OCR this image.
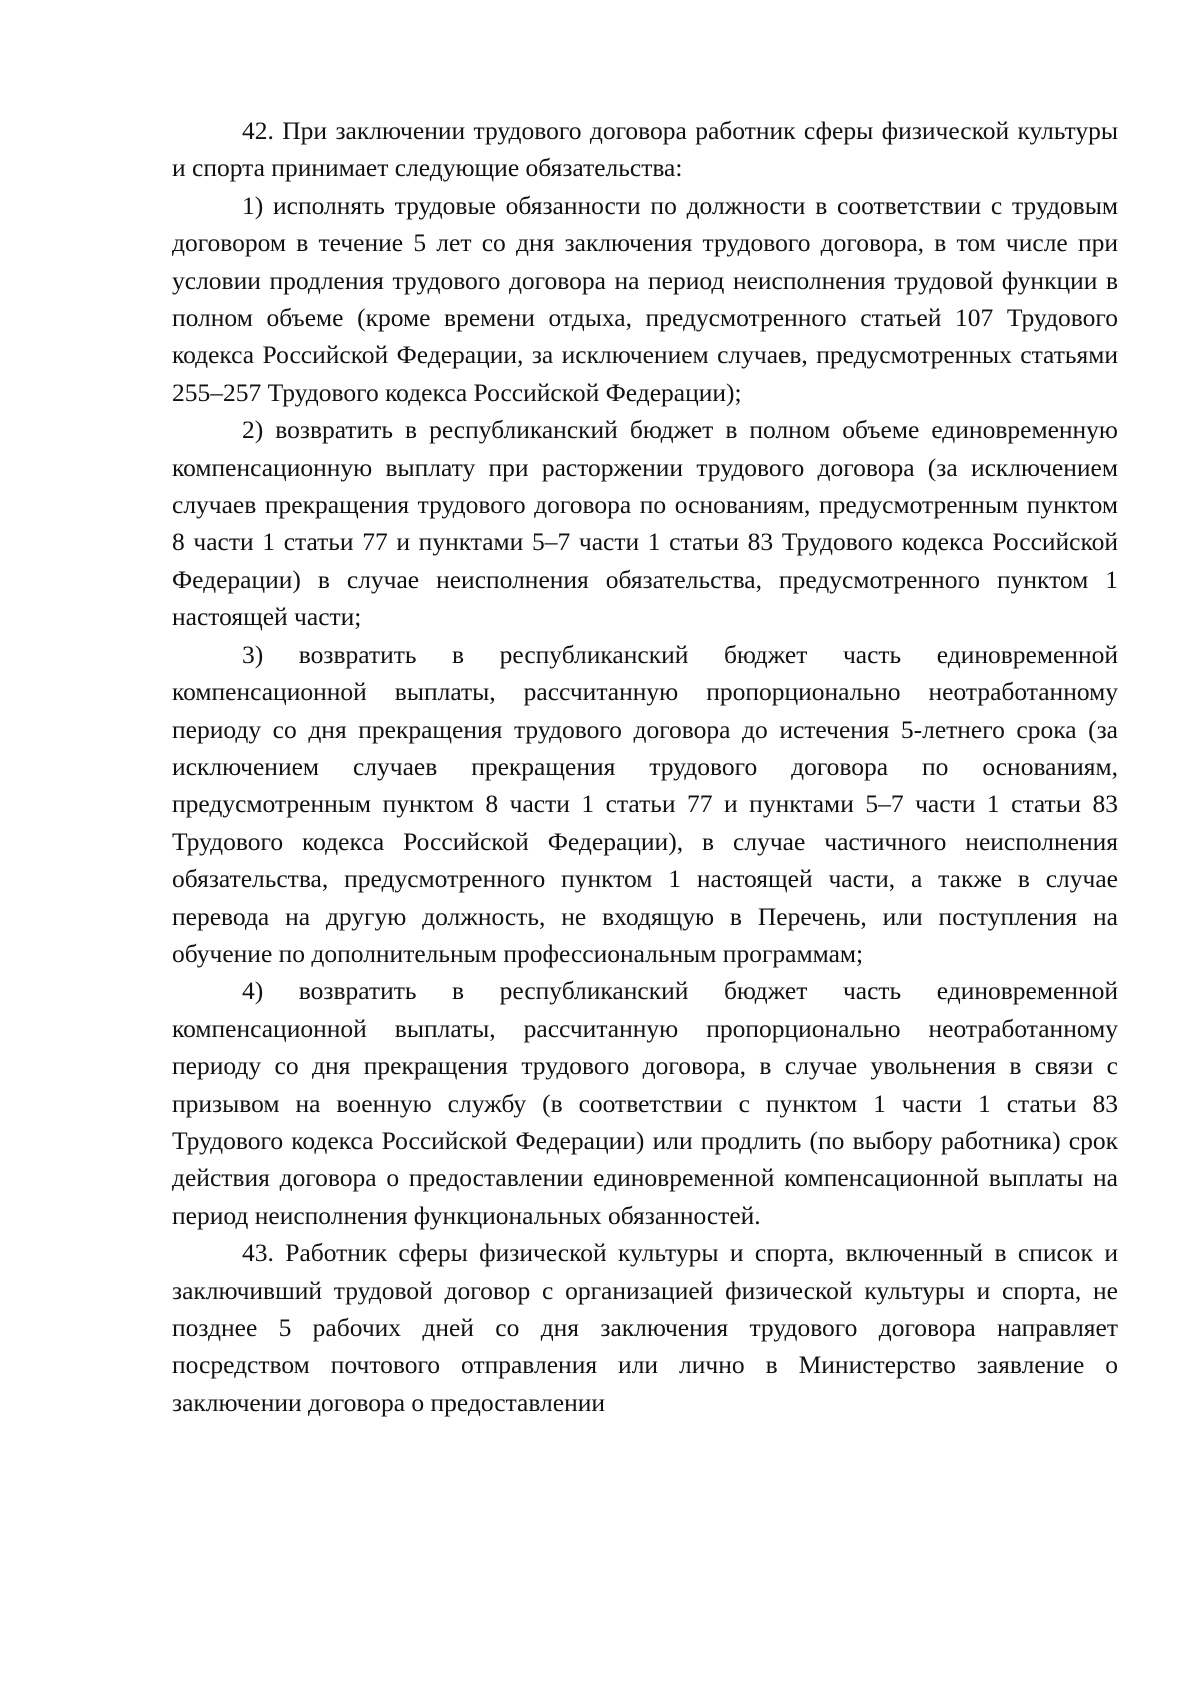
42. При заключении трудового договора работник сферы физической культуры и спорта принимает следующие обязательства:

1) исполнять трудовые обязанности по должности в соответствии с трудовым договором в течение 5 лет со дня заключения трудового договора, в том числе при условии продления трудового договора на период неисполнения трудовой функции в полном объеме (кроме времени отдыха, предусмотренного статьей 107 Трудового кодекса Российской Федерации, за исключением случаев, предусмотренных статьями 255–257 Трудового кодекса Российской Федерации);

2) возвратить в республиканский бюджет в полном объеме единовременную компенсационную выплату при расторжении трудового договора (за исключением случаев прекращения трудового договора по основаниям, предусмотренным пунктом 8 части 1 статьи 77 и пунктами 5–7 части 1 статьи 83 Трудового кодекса Российской Федерации) в случае неисполнения обязательства, предусмотренного пунктом 1 настоящей части;

3) возвратить в республиканский бюджет часть единовременной компенсационной выплаты, рассчитанную пропорционально неотработанному периоду со дня прекращения трудового договора до истечения 5-летнего срока (за исключением случаев прекращения трудового договора по основаниям, предусмотренным пунктом 8 части 1 статьи 77 и пунктами 5–7 части 1 статьи 83 Трудового кодекса Российской Федерации), в случае частичного неисполнения обязательства, предусмотренного пунктом 1 настоящей части, а также в случае перевода на другую должность, не входящую в Перечень, или поступления на обучение по дополнительным профессиональным программам;

4) возвратить в республиканский бюджет часть единовременной компенсационной выплаты, рассчитанную пропорционально неотработанному периоду со дня прекращения трудового договора, в случае увольнения в связи с призывом на военную службу (в соответствии с пунктом 1 части 1 статьи 83 Трудового кодекса Российской Федерации) или продлить (по выбору работника) срок действия договора о предоставлении единовременной компенсационной выплаты на период неисполнения функциональных обязанностей.

43. Работник сферы физической культуры и спорта, включенный в список и заключивший трудовой договор с организацией физической культуры и спорта, не позднее 5 рабочих дней со дня заключения трудового договора направляет посредством почтового отправления или лично в Министерство заявление о заключении договора о предоставлении
